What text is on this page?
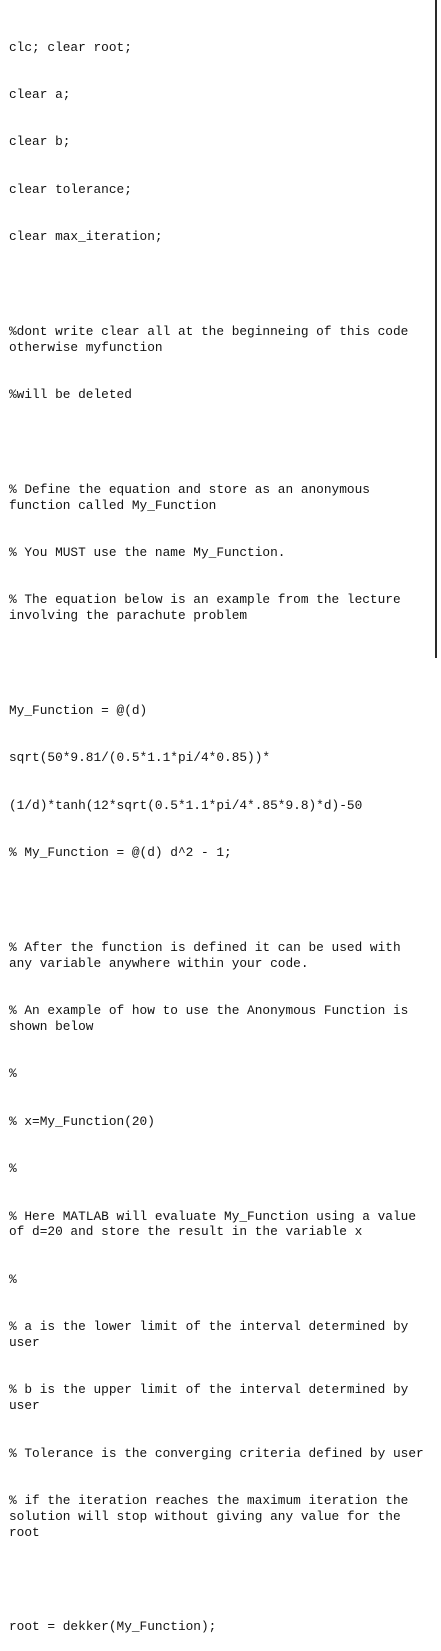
clc; clear root;

clear a;

clear b;

clear tolerance;

clear max_iteration;

%dont write clear all at the beginneing of this code otherwise myfunction

%will be deleted

% Define the equation and store as an anonymous function called My_Function

% You MUST use the name My_Function.

% The equation below is an example from the lecture involving the parachute problem

My_Function = @(d)

sqrt(50*9.81/(0.5*1.1*pi/4*0.85))*

(1/d)*tanh(12*sqrt(0.5*1.1*pi/4*.85*9.8)*d)-50

% My_Function = @(d) d^2 - 1;

% After the function is defined it can be used with any variable anywhere within your code.

% An example of how to use the Anonymous Function is shown below

%

% x=My_Function(20)

%

% Here MATLAB will evaluate My_Function using a value of d=20 and store the result in the variable x

%

% a is the lower limit of the interval determined by user

% b is the upper limit of the interval determined by user

% Tolerance is the converging criteria defined by user

% if the iteration reaches the maximum iteration the solution will stop without giving any value for the root

root = dekker(My_Function);
